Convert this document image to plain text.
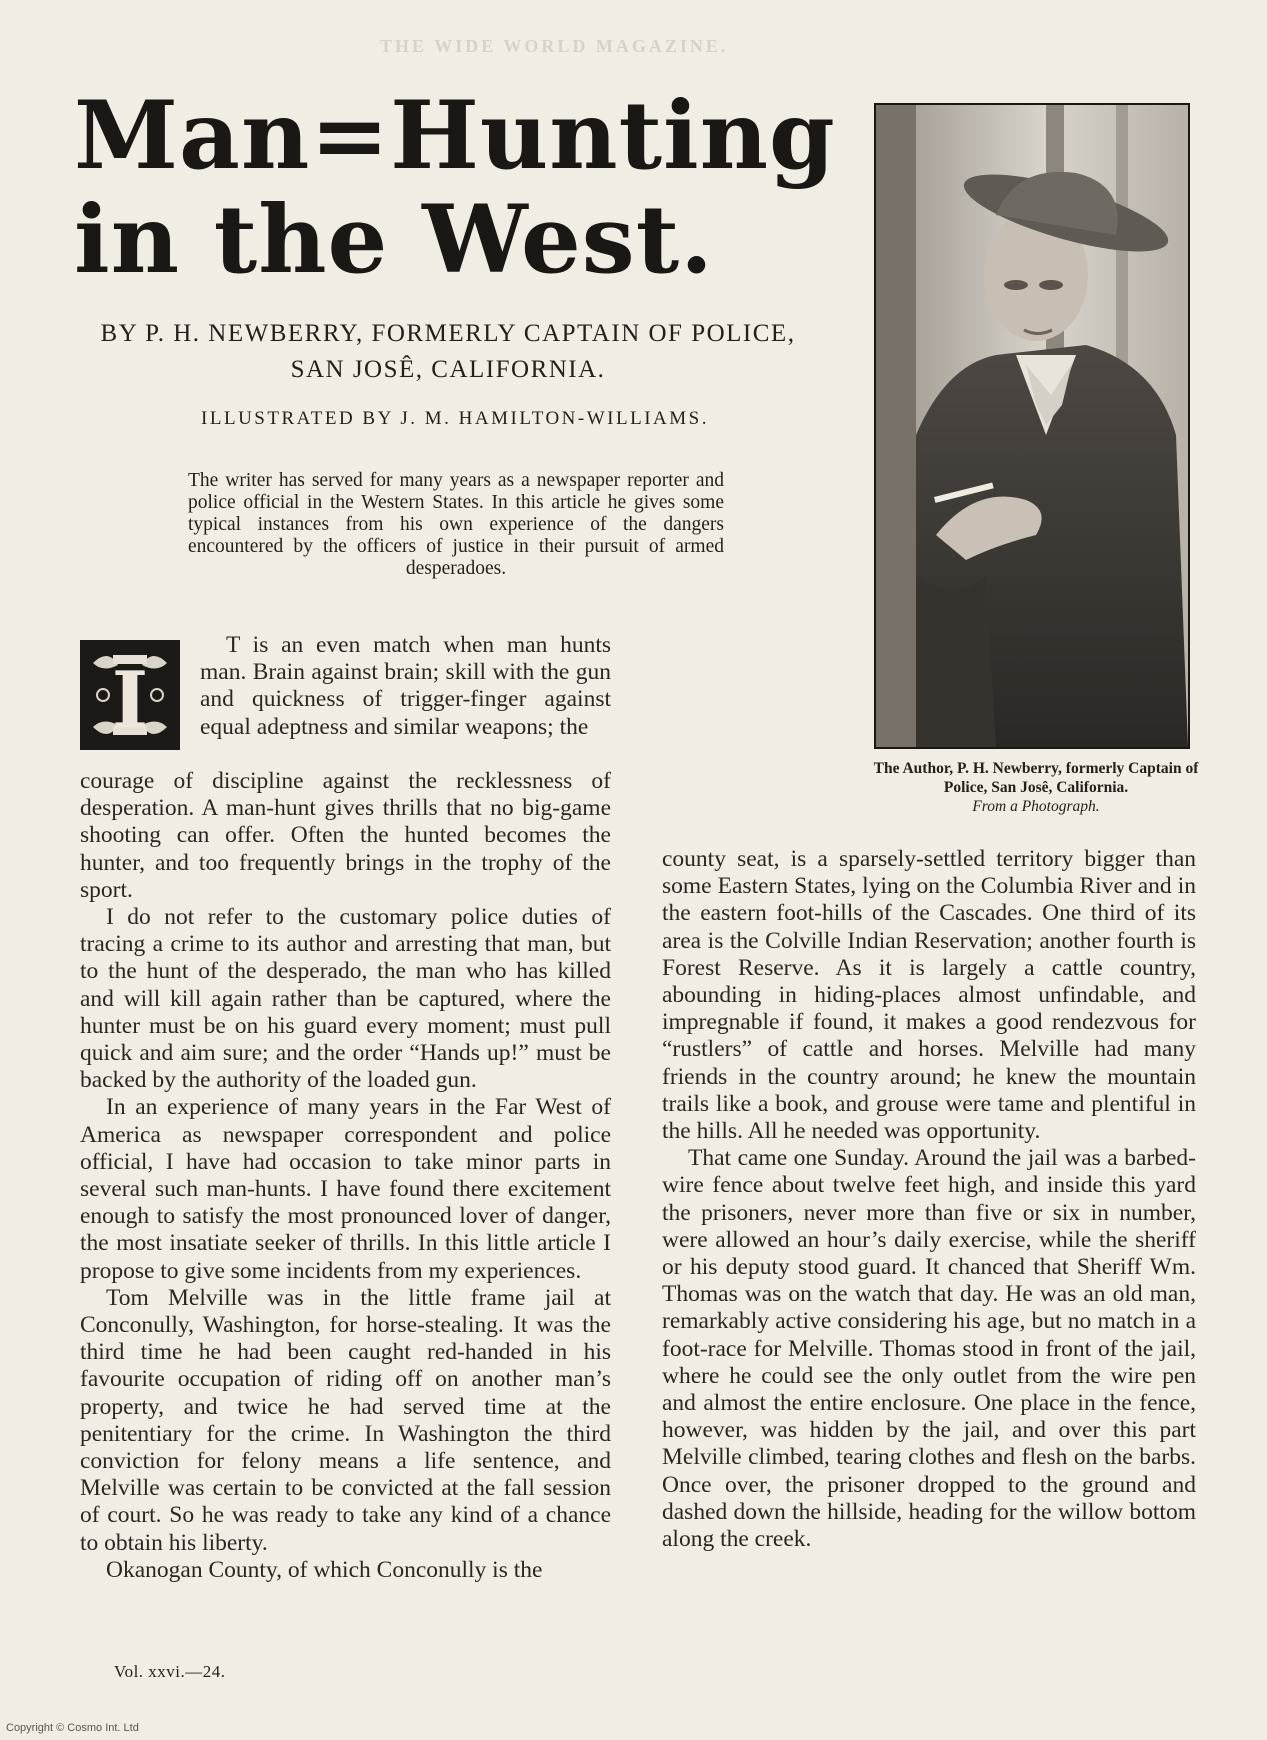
THE WIDE WORLD MAGAZINE.
Man=Hunting
in the West.

BY P. H. NEWBERRY, FORMERLY CAPTAIN OF POLICE, SAN JOSÊ, CALIFORNIA.

ILLUSTRATED BY J. M. HAMILTON-WILLIAMS.

The writer has served for many years as a newspaper reporter and police official in the Western States. In this article he gives some typical instances from his own experience of the dangers encountered by the officers of justice in their pursuit of armed desperadoes.

The Author, P. H. Newberry, formerly Captain of Police, San Josê, California.
From a Photograph.

I

T is an even match when man hunts man. Brain against brain; skill with the gun and quickness of trigger-finger against equal adeptness and similar weapons; the

courage of discipline against the recklessness of desperation. A man-hunt gives thrills that no big-game shooting can offer. Often the hunted becomes the hunter, and too frequently brings in the trophy of the sport.

I do not refer to the customary police duties of tracing a crime to its author and arresting that man, but to the hunt of the desperado, the man who has killed and will kill again rather than be captured, where the hunter must be on his guard every moment; must pull quick and aim sure; and the order “Hands up!” must be backed by the authority of the loaded gun.

In an experience of many years in the Far West of America as newspaper correspondent and police official, I have had occasion to take minor parts in several such man-hunts. I have found there excitement enough to satisfy the most pronounced lover of danger, the most insatiate seeker of thrills. In this little article I propose to give some incidents from my experiences.

Tom Melville was in the little frame jail at Conconully, Washington, for horse-stealing. It was the third time he had been caught red-handed in his favourite occupation of riding off on another man’s property, and twice he had served time at the penitentiary for the crime. In Washington the third conviction for felony means a life sentence, and Melville was certain to be convicted at the fall session of court. So he was ready to take any kind of a chance to obtain his liberty.

Okanogan County, of which Conconully is the

county seat, is a sparsely-settled territory bigger than some Eastern States, lying on the Columbia River and in the eastern foot-hills of the Cascades. One third of its area is the Colville Indian Reservation; another fourth is Forest Reserve. As it is largely a cattle country, abounding in hiding-places almost unfindable, and impregnable if found, it makes a good rendezvous for “rustlers” of cattle and horses. Melville had many friends in the country around; he knew the mountain trails like a book, and grouse were tame and plentiful in the hills. All he needed was opportunity.

That came one Sunday. Around the jail was a barbed-wire fence about twelve feet high, and inside this yard the prisoners, never more than five or six in number, were allowed an hour’s daily exercise, while the sheriff or his deputy stood guard. It chanced that Sheriff Wm. Thomas was on the watch that day. He was an old man, remarkably active considering his age, but no match in a foot-race for Melville. Thomas stood in front of the jail, where he could see the only outlet from the wire pen and almost the entire enclosure. One place in the fence, however, was hidden by the jail, and over this part Melville climbed, tearing clothes and flesh on the barbs. Once over, the prisoner dropped to the ground and dashed down the hillside, heading for the willow bottom along the creek.

Vol. xxvi.—24.
Copyright © Cosmo Int. Ltd
